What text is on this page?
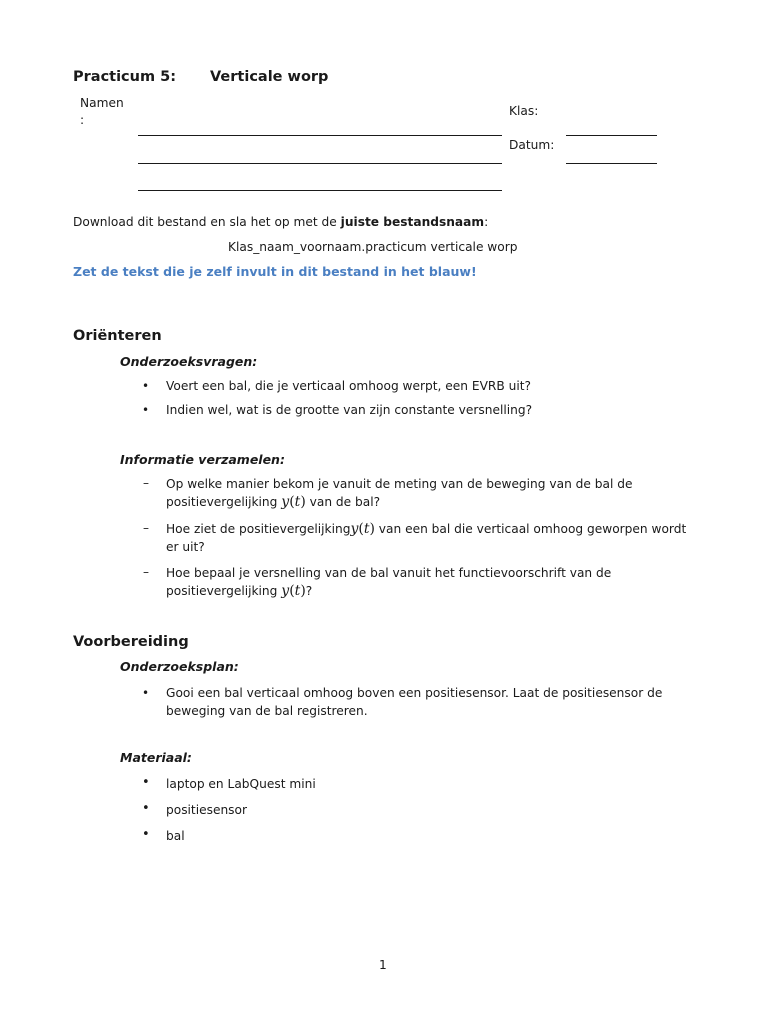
Practicum 5: Verticale worp
Namen
:
Klas:
Datum:
Download dit bestand en sla het op met de juiste bestandsnaam:
Klas_naam_voornaam.practicum verticale worp
Zet de tekst die je zelf invult in dit bestand in het blauw!
Oriënteren
Onderzoeksvragen:
• Voert een bal, die je verticaal omhoog werpt, een EVRB uit?
• Indien wel, wat is de grootte van zijn constante versnelling?
Informatie verzamelen:
– Op welke manier bekom je vanuit de meting van de beweging van de bal de positievergelijking y(t) van de bal?
– Hoe ziet de positievergelijkingy(t) van een bal die verticaal omhoog geworpen wordt er uit?
– Hoe bepaal je versnelling van de bal vanuit het functievoorschrift van de positievergelijking y(t)?
Voorbereiding
Onderzoeksplan:
• Gooi een bal verticaal omhoog boven een positiesensor. Laat de positiesensor de beweging van de bal registreren.
Materiaal:
• laptop en LabQuest mini
• positiesensor
• bal
1
